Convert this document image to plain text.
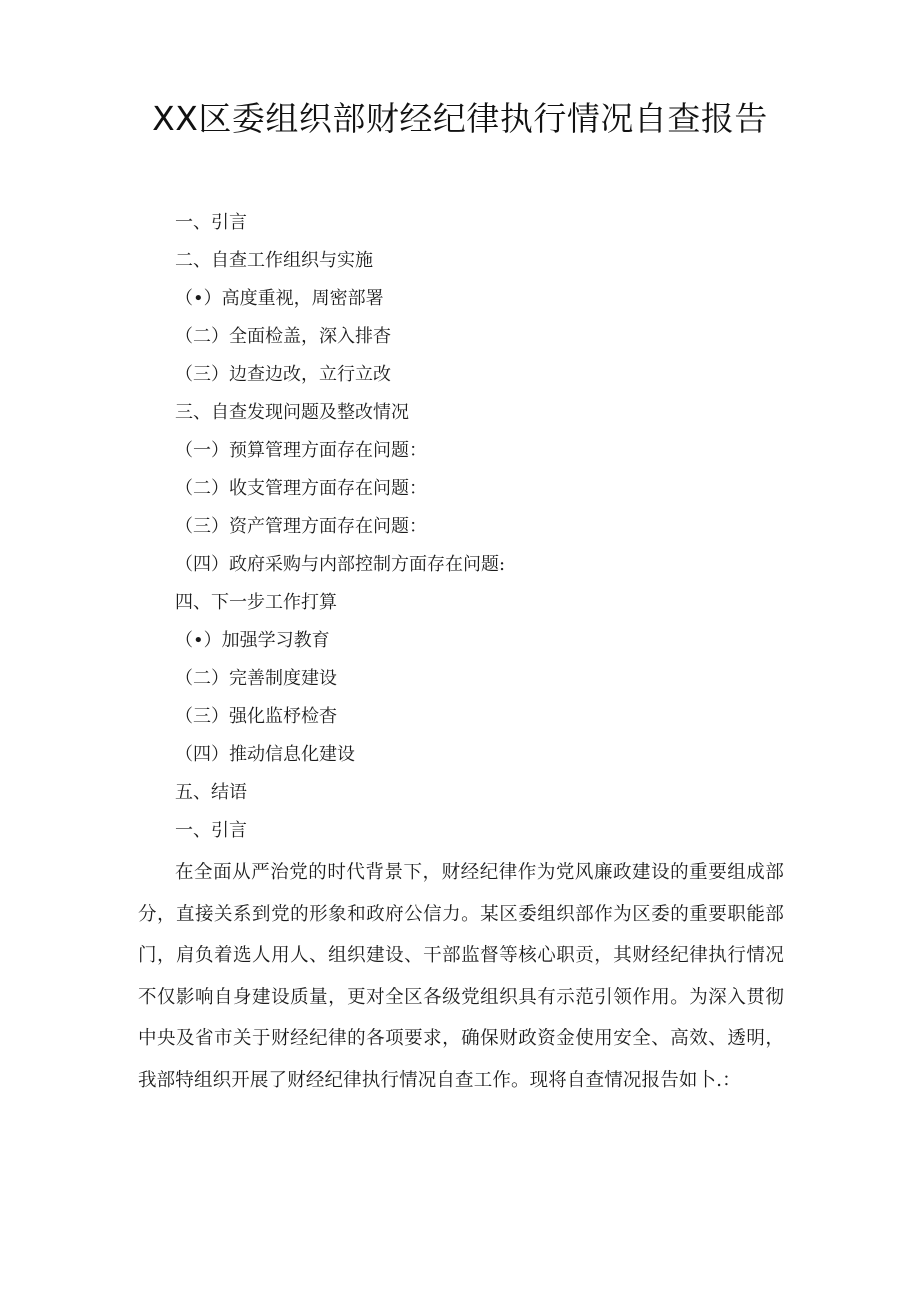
XX区委组织部财经纪律执行情况自查报告
一、引言
二、自查工作组织与实施
（•）高度重视，周密部署
（二）全面检盖，深入排杳
（三）边查边改，立行立改
三、自查发现问题及整改情况
（一）预算管理方面存在问题：
（二）收支管理方面存在问题：
（三）资产管理方面存在问题：
（四）政府采购与内部控制方面存在问题:
四、下一步工作打算
（•）加强学习教育
（二）完善制度建设
（三）强化监杼检杳
（四）推动信息化建设
五、结语
一、引言

在全面从严治党的时代背景下，财经纪律作为党风廉政建设的重要组成部分，直接关系到党的形象和政府公信力。某区委组织部作为区委的重要职能部门，肩负着选人用人、组织建设、干部监督等核心职贡，其财经纪律执行情况不仅影响自身建设质量，更对全区各级党组织具有示范引领作用。为深入贯彻中央及省市关于财经纪律的各项要求，确保财政资金使用安全、高效、透明，我部特组织开展了财经纪律执行情况自查工作。现将自查情况报告如卜.：
